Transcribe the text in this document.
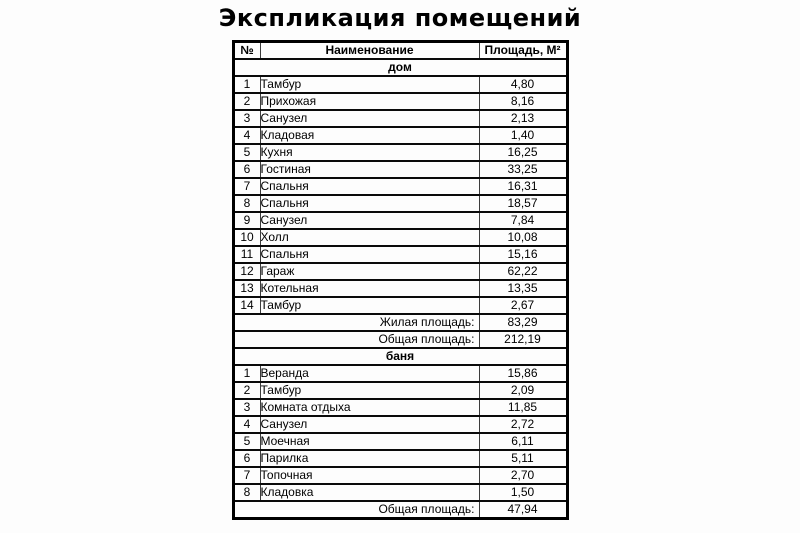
Экспликация помещений
№	Наименование	Площадь, М²
дом		
1	Тамбур	4,80
2	Прихожая	8,16
3	Санузел	2,13
4	Кладовая	1,40
5	Кухня	16,25
6	Гостиная	33,25
7	Спальня	16,31
8	Спальня	18,57
9	Санузел	7,84
10	Холл	10,08
11	Спальня	15,16
12	Гараж	62,22
13	Котельная	13,35
14	Тамбур	2,67
Жилая площадь:		83,29
Общая площадь:		212,19
баня		
1	Веранда	15,86
2	Тамбур	2,09
3	Комната отдыха	11,85
4	Санузел	2,72
5	Моечная	6,11
6	Парилка	5,11
7	Топочная	2,70
8	Кладовка	1,50
Общая площадь:		47,94
